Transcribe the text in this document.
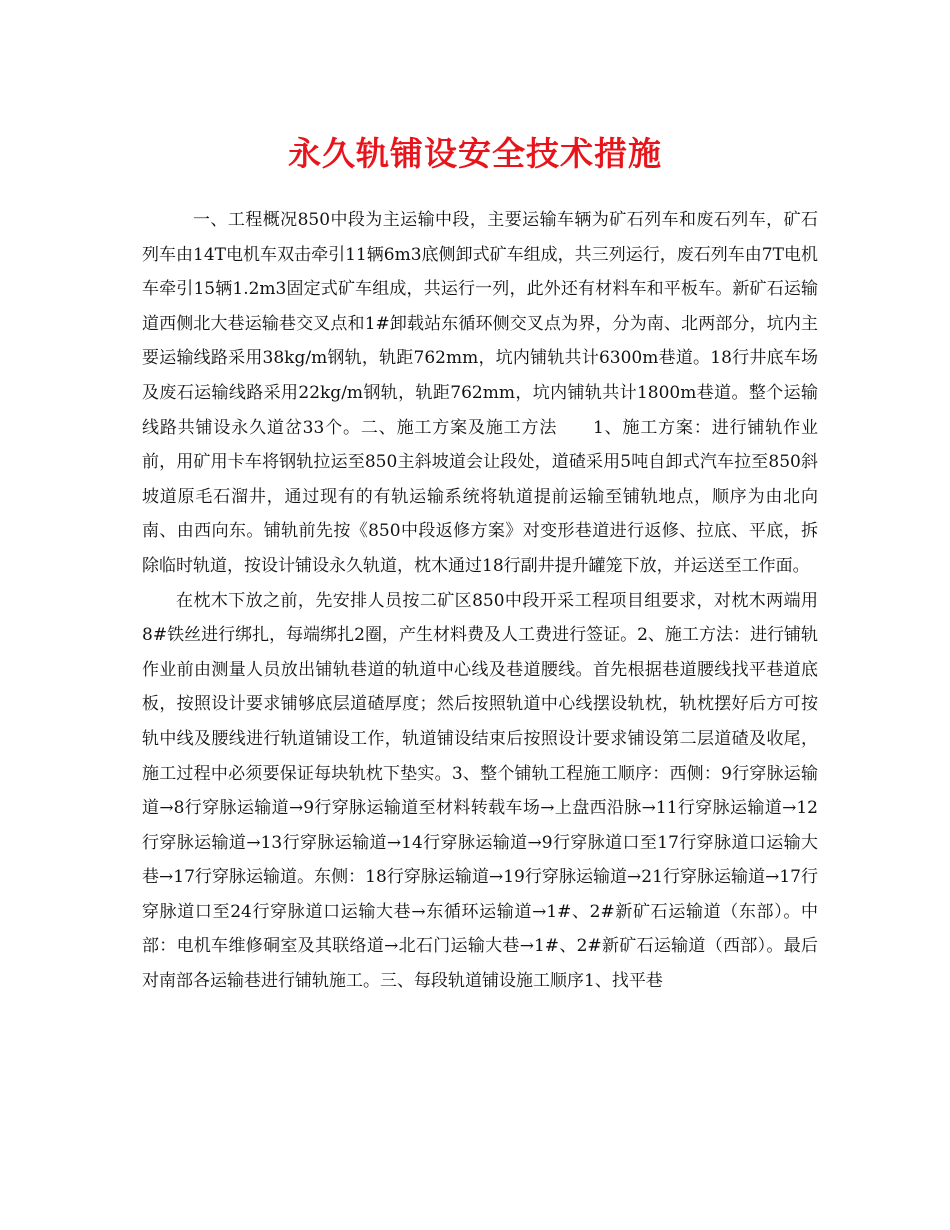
永久轨铺设安全技术措施

一、工程概况850中段为主运输中段，主要运输车辆为矿石列车和废石列车，矿石列车由14T电机车双击牵引11辆6m3底侧卸式矿车组成，共三列运行，废石列车由7T电机车牵引15辆1.2m3固定式矿车组成，共运行一列，此外还有材料车和平板车。新矿石运输道西侧北大巷运输巷交叉点和1#卸载站东循环侧交叉点为界，分为南、北两部分，坑内主要运输线路采用38kg/m钢轨，轨距762mm，坑内铺轨共计6300m巷道。18行井底车场及废石运输线路采用22kg/m钢轨，轨距762mm，坑内铺轨共计1800m巷道。整个运输线路共铺设永久道岔33个。二、施工方案及施工方法　　1、施工方案：进行铺轨作业前，用矿用卡车将钢轨拉运至850主斜坡道会让段处，道碴采用5吨自卸式汽车拉至850斜坡道原毛石溜井，通过现有的有轨运输系统将轨道提前运输至铺轨地点，顺序为由北向南、由西向东。铺轨前先按《850中段返修方案》对变形巷道进行返修、拉底、平底，拆除临时轨道，按设计铺设永久轨道，枕木通过18行副井提升罐笼下放，并运送至工作面。

在枕木下放之前，先安排人员按二矿区850中段开采工程项目组要求，对枕木两端用8#铁丝进行绑扎，每端绑扎2圈，产生材料费及人工费进行签证。2、施工方法：进行铺轨作业前由测量人员放出铺轨巷道的轨道中心线及巷道腰线。首先根据巷道腰线找平巷道底板，按照设计要求铺够底层道碴厚度；然后按照轨道中心线摆设轨枕，轨枕摆好后方可按轨中线及腰线进行轨道铺设工作，轨道铺设结束后按照设计要求铺设第二层道碴及收尾，施工过程中必须要保证每块轨枕下垫实。3、整个铺轨工程施工顺序：西侧：9行穿脉运输道→8行穿脉运输道→9行穿脉运输道至材料转载车场→上盘西沿脉→11行穿脉运输道→12行穿脉运输道→13行穿脉运输道→14行穿脉运输道→9行穿脉道口至17行穿脉道口运输大巷→17行穿脉运输道。东侧：18行穿脉运输道→19行穿脉运输道→21行穿脉运输道→17行穿脉道口至24行穿脉道口运输大巷→东循环运输道→1#、2#新矿石运输道（东部）。中部：电机车维修硐室及其联络道→北石门运输大巷→1#、2#新矿石运输道（西部）。最后对南部各运输巷进行铺轨施工。三、每段轨道铺设施工顺序1、找平巷
